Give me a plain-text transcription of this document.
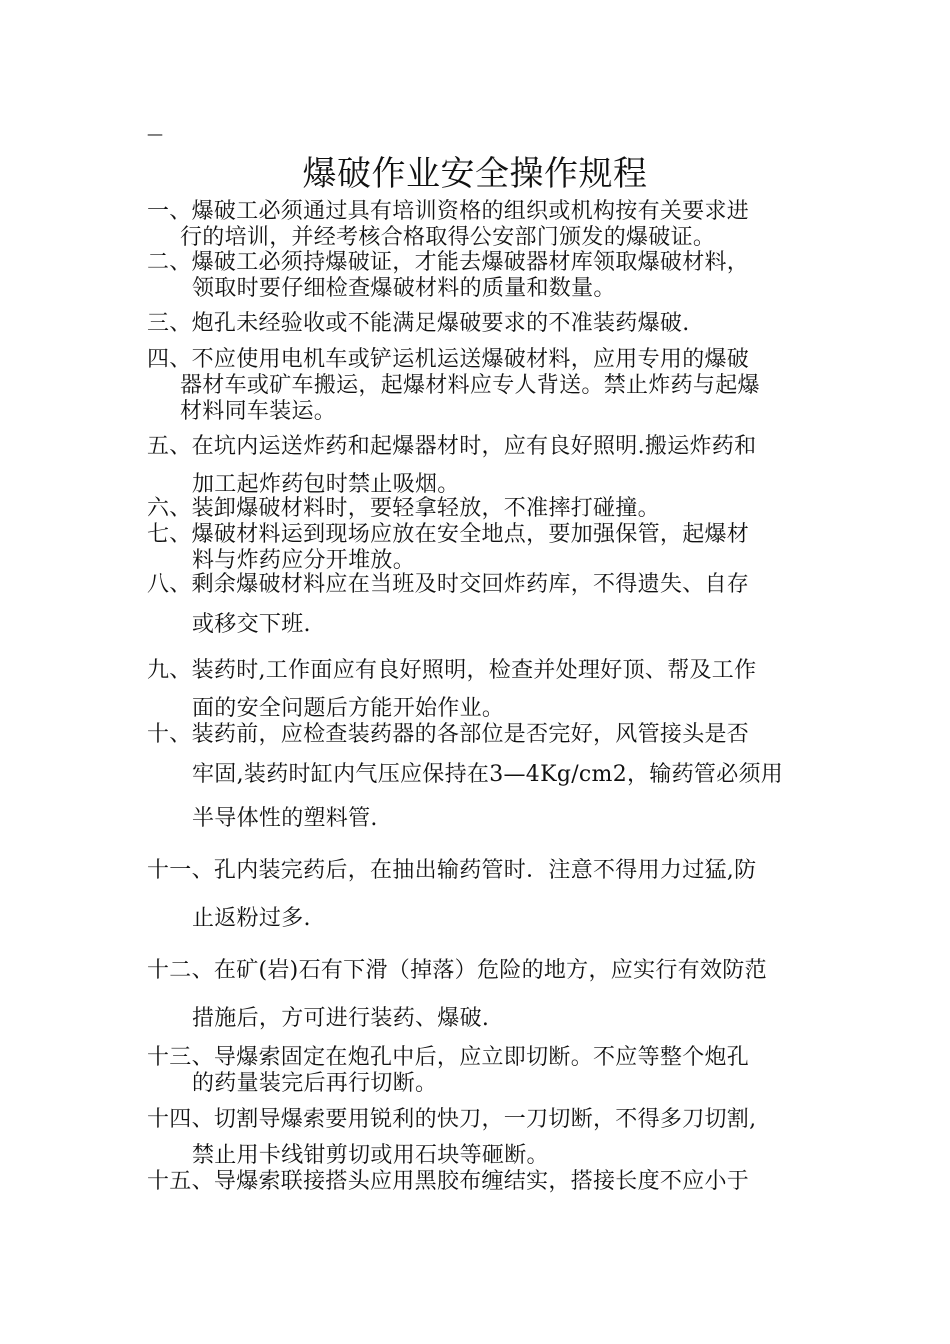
—
爆破作业安全操作规程
一、爆破工必须通过具有培训资格的组织或机构按有关要求进
行的培训，并经考核合格取得公安部门颁发的爆破证。
二、爆破工必须持爆破证，才能去爆破器材库领取爆破材料，
领取时要仔细检查爆破材料的质量和数量。
三、炮孔未经验收或不能满足爆破要求的不准装药爆破.
四、不应使用电机车或铲运机运送爆破材料，应用专用的爆破
器材车或矿车搬运，起爆材料应专人背送。禁止炸药与起爆
材料同车装运。
五、在坑内运送炸药和起爆器材时，应有良好照明.搬运炸药和
加工起炸药包时禁止吸烟。
六、装卸爆破材料时，要轻拿轻放，不准摔打碰撞。
七、爆破材料运到现场应放在安全地点，要加强保管，起爆材
料与炸药应分开堆放。
八、剩余爆破材料应在当班及时交回炸药库，不得遗失、自存
或移交下班.
九、装药时,工作面应有良好照明，检查并处理好顶、帮及工作
面的安全问题后方能开始作业。
十、装药前，应检查装药器的各部位是否完好，风管接头是否
牢固,装药时缸内气压应保持在3—4Kg/cm2，输药管必须用
半导体性的塑料管.
十一、孔内装完药后，在抽出输药管时．注意不得用力过猛,防
止返粉过多.
十二、在矿(岩)石有下滑（掉落）危险的地方，应实行有效防范
措施后，方可进行装药、爆破.
十三、导爆索固定在炮孔中后，应立即切断。不应等整个炮孔
的药量装完后再行切断。
十四、切割导爆索要用锐利的快刀，一刀切断，不得多刀切割,
禁止用卡线钳剪切或用石块等砸断。
十五、导爆索联接搭头应用黑胶布缠结实，搭接长度不应小于
